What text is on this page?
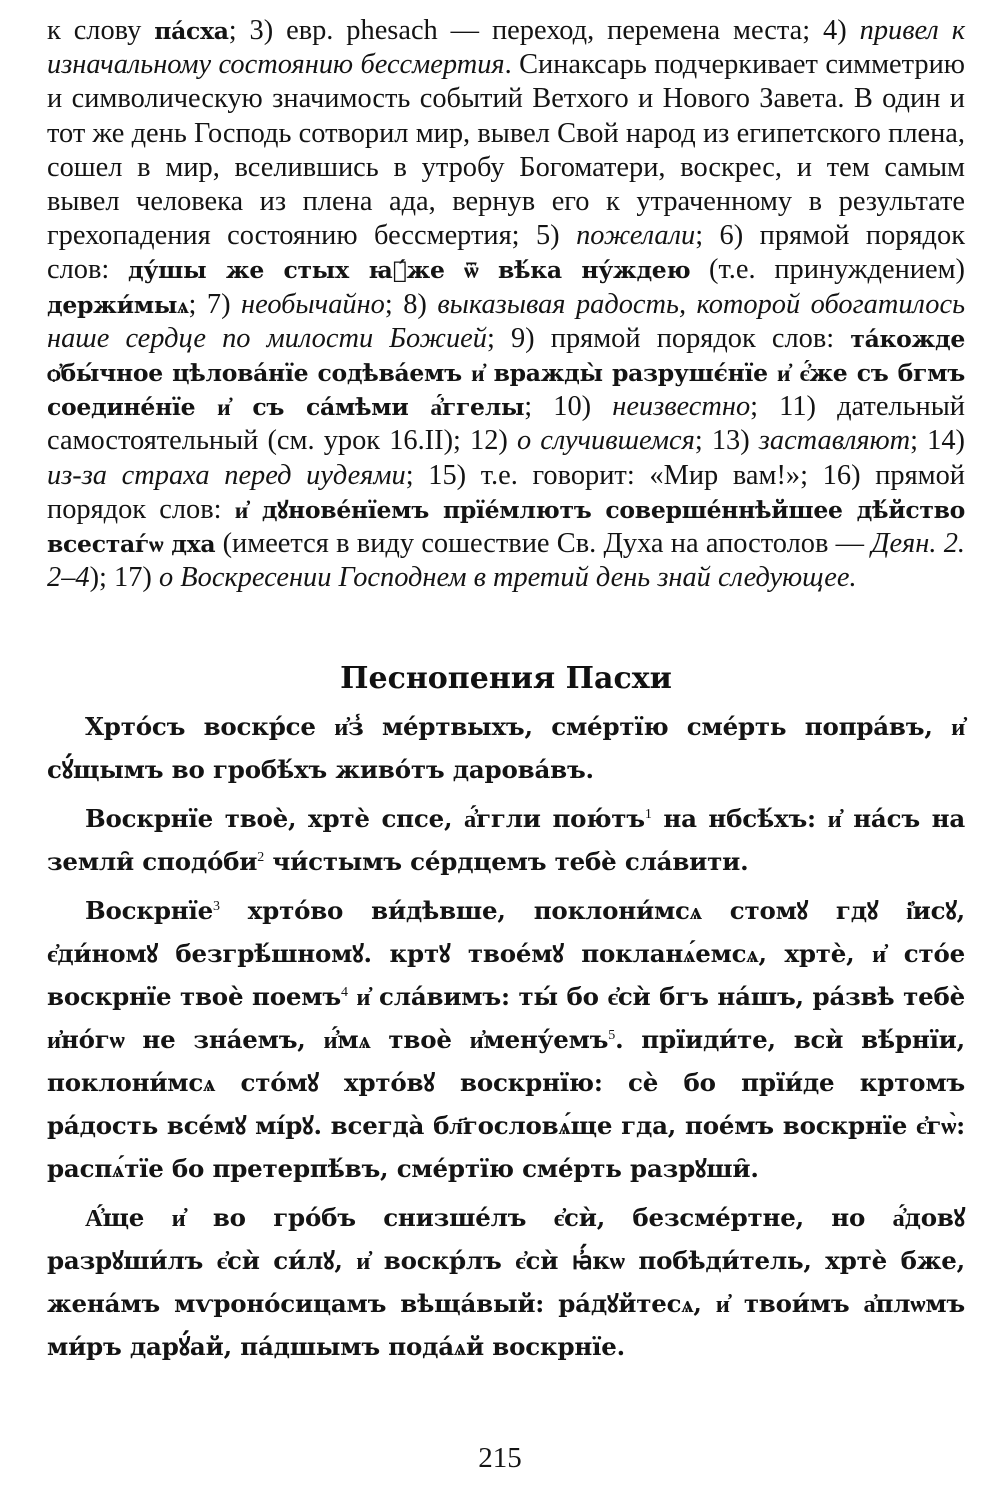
к слову па́сха; 3) евр. phesach — переход, перемена места; 4) привел к изначальному состоянию бессмертия. Синаксарь подчеркивает симметрию и символическую значимость событий Ветхого и Нового Завета. В один и тот же день Господь сотворил мир, вывел Свой народ из египетского плена, сошел в мир, вселившись в утробу Богоматери, воскрес, и тем самым вывел человека из плена ада, вернув его к утраченному в результате грехопадения состоянию бессмертия; 5) пожелали; 6) прямой порядок слов: ду́шы же стых ꙗ҆́же ѿ вѣ́ка ну́ждею (т.е. принуждением) держи́мыѧ; 7) необычайно; 8) выказывая радость, которой обогатилось наше сердце по милости Божией; 9) прямой порядок слов: та́кожде ѻ҆бы́чное цѣлова́нїе содѣва́емъ и҆ вражды̀ разрушє́нїе и҆ є҆́же съ бгмъ соедине́нїе и҆ съ са́мѣми а҆́ггелы; 10) неизвестно; 11) дательный самостоятельный (см. урок 16.II); 12) о случившемся; 13) заставляют; 14) из-за страха перед иудеями; 15) т.е. говорит: «Мир вам!»; 16) прямой порядок слов: и҆ дꙋнове́нїемъ прїе́млютъ соверше́ннѣйшее дѣ́йство всестаѓѡ дха (имеется в виду сошествие Св. Духа на апостолов — Деян. 2. 2–4); 17) о Воскресении Господнем в третий день знай следующее.

Песнопения Пасхи

Хрто́съ воскр́се и҆з̾ ме́ртвыхъ, сме́ртїю сме́рть попра́въ, и҆ сꙋ́щымъ во гробѣ́хъ живо́тъ дарова́въ.

Воскрнїе твоѐ, хртѐ спсе, а҆́ггли $пою́тъ^1$ на нбсѣ́хъ: и҆ на́съ на земли̑ $сподо́би^2$ чи́стымъ се́рдцемъ тебѐ сла́вити.

Воскрнїе$^3$ хрто́во ви́дѣвше, поклони́мсѧ стомꙋ гдꙋ і҆исꙋ, є҆ди́номꙋ безгрѣ́шномꙋ. кртꙋ твое́мꙋ покланѧ́емсѧ, хртѐ, и҆ сто́е воскрнїе твоѐ поемъ$^4$ и҆ сла́вимъ: ты́ бо є҆сѝ бгъ на́шъ, ра́звѣ тебѐ и҆но́гѡ не зна́емъ, и҆́мѧ твоѐ и҆мену́емъ$^5$. прїиди́те, всѝ вѣ́рнїи, поклони́мсѧ сто́мꙋ хрто́вꙋ воскрнїю: сѐ бо прїи́де кртомъ ра́дость все́мꙋ мі́рꙋ. всегда̀ бл҃гословѧ́ще гда, пое́мъ воскрнїе є҆гѡ̀: распѧ́тїе бо претерпѣ́въ, сме́ртїю сме́рть разрꙋши̑.

А҆́ще и҆ во гро́бъ снизше́лъ є҆сѝ, безсме́ртне, но а҆́довꙋ разрꙋши́лъ є҆сѝ си́лꙋ, и҆ воскр́лъ є҆сѝ ꙗ҆́кѡ побѣди́тель, хртѐ бже, жена́мъ мѵроно́сицамъ вѣща́вый: ра́дꙋйтесѧ, и҆ твои́мъ а҆плѡмъ ми́ръ дарꙋ́ай, па́дшымъ пода́ѧй воскрнїе.

215
